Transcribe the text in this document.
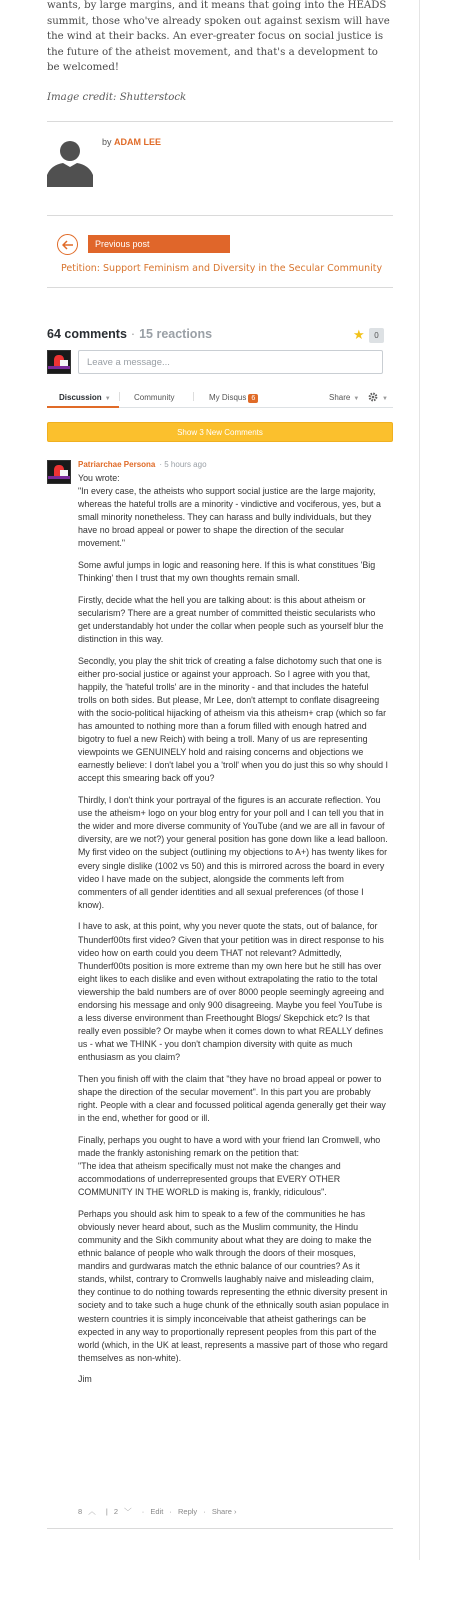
wants, by large margins, and it means that going into the HEADS summit, those who've already spoken out against sexism will have the wind at their backs. An ever-greater focus on social justice is the future of the atheist movement, and that's a development to be welcomed!

Image credit: Shutterstock

by ADAM LEE
Previous post
Petition: Support Feminism and Diversity in the Secular Community
64 comments · 15 reactions	★	0
Leave a message...
Discussion ▼	Community	My Disqus 6	Share ▼	▼
Show 3 New Comments
Patriarchae Persona · 5 hours ago

You wrote:

"In every case, the atheists who support social justice are the large majority, whereas the hateful trolls are a minority - vindictive and vociferous, yes, but a small minority nonetheless. They can harass and bully individuals, but they have no broad appeal or power to shape the direction of the secular movement."

Some awful jumps in logic and reasoning here. If this is what constitues 'Big Thinking' then I trust that my own thoughts remain small.

Firstly, decide what the hell you are talking about: is this about atheism or secularism? There are a great number of committed theistic secularists who get understandably hot under the collar when people such as yourself blur the distinction in this way.

Secondly, you play the shit trick of creating a false dichotomy such that one is either pro-social justice or against your approach. So I agree with you that, happily, the 'hateful trolls' are in the minority - and that includes the hateful trolls on both sides. But please, Mr Lee, don't attempt to conflate disagreeing with the socio-political hijacking of atheism via this atheism+ crap (which so far has amounted to nothing more than a forum filled with enough hatred and bigotry to fuel a new Reich) with being a troll. Many of us are representing viewpoints we GENUINELY hold and raising concerns and objections we earnestly believe: I don't label you a 'troll' when you do just this so why should I accept this smearing back off you?

Thirdly, I don't think your portrayal of the figures is an accurate reflection. You use the atheism+ logo on your blog entry for your poll and I can tell you that in the wider and more diverse community of YouTube (and we are all in favour of diversity, are we not?) your general position has gone down like a lead balloon. My first video on the subject (outlining my objections to A+) has twenty likes for every single dislike (1002 vs 50) and this is mirrored across the board in every video I have made on the subject, alongside the comments left from commenters of all gender identities and all sexual preferences (of those I know).

I have to ask, at this point, why you never quote the stats, out of balance, for Thunderf00ts first video? Given that your petition was in direct response to his video how on earth could you deem THAT not relevant? Admittedly, Thunderf00ts position is more extreme than my own here but he still has over eight likes to each dislike and even without extrapolating the ratio to the total viewership the bald numbers are of over 8000 people seemingly agreeing and endorsing his message and only 900 disagreeing. Maybe you feel YouTube is a less diverse environment than Freethought Blogs/ Skepchick etc? Is that really even possible? Or maybe when it comes down to what REALLY defines us - what we THINK - you don't champion diversity with quite as much enthusiasm as you claim?

Then you finish off with the claim that "they have no broad appeal or power to shape the direction of the secular movement". In this part you are probably right. People with a clear and focussed political agenda generally get their way in the end, whether for good or ill.

Finally, perhaps you ought to have a word with your friend Ian Cromwell, who made the frankly astonishing remark on the petition that:

"The idea that atheism specifically must not make the changes and accommodations of underrepresented groups that EVERY OTHER COMMUNITY IN THE WORLD is making is, frankly, ridiculous".

Perhaps you should ask him to speak to a few of the communities he has obviously never heard about, such as the Muslim community, the Hindu community and the Sikh community about what they are doing to make the ethnic balance of people who walk through the doors of their mosques, mandirs and gurdwaras match the ethnic balance of our countries? As it stands, whilst, contrary to Cromwells laughably naive and misleading claim, they continue to do nothing towards representing the ethnic diversity present in society and to take such a huge chunk of the ethnically south asian populace in western countries it is simply inconceivable that atheist gatherings can be expected in any way to proportionally represent peoples from this part of the world (which, in the UK at least, represents a massive part of those who regard themselves as non-white).

Jim

8 ︿ | 2 ﹀ · Edit · Reply · Share ›
